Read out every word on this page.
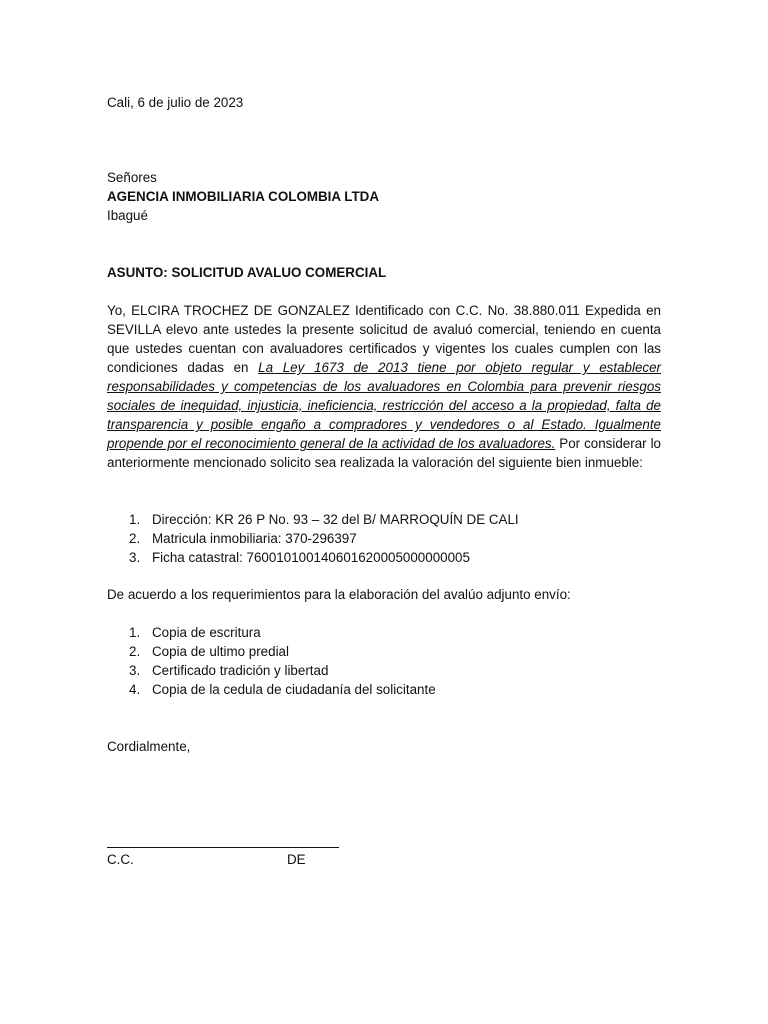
Cali, 6 de julio de 2023
Señores
AGENCIA INMOBILIARIA COLOMBIA LTDA
Ibagué
ASUNTO: SOLICITUD AVALUO COMERCIAL
Yo, ELCIRA TROCHEZ DE GONZALEZ Identificado con C.C. No. 38.880.011 Expedida en SEVILLA elevo ante ustedes la presente solicitud de avaluó comercial, teniendo en cuenta que ustedes cuentan con avaluadores certificados y vigentes los cuales cumplen con las condiciones dadas en La Ley 1673 de 2013 tiene por objeto regular y establecer responsabilidades y competencias de los avaluadores en Colombia para prevenir riesgos sociales de inequidad, injusticia, ineficiencia, restricción del acceso a la propiedad, falta de transparencia y posible engaño a compradores y vendedores o al Estado. Igualmente propende por el reconocimiento general de la actividad de los avaluadores. Por considerar lo anteriormente mencionado solicito sea realizada la valoración del siguiente bien inmueble:
1. Dirección: KR 26 P No. 93 – 32 del B/ MARROQUÍN DE CALI
2. Matricula inmobiliaria: 370-296397
3. Ficha catastral: 760010100140601620005000000005
De acuerdo a los requerimientos para la elaboración del avalúo adjunto envío:
1. Copia de escritura
2. Copia de ultimo predial
3. Certificado tradición y libertad
4. Copia de la cedula de ciudadanía del solicitante
Cordialmente,
C.C.	DE
